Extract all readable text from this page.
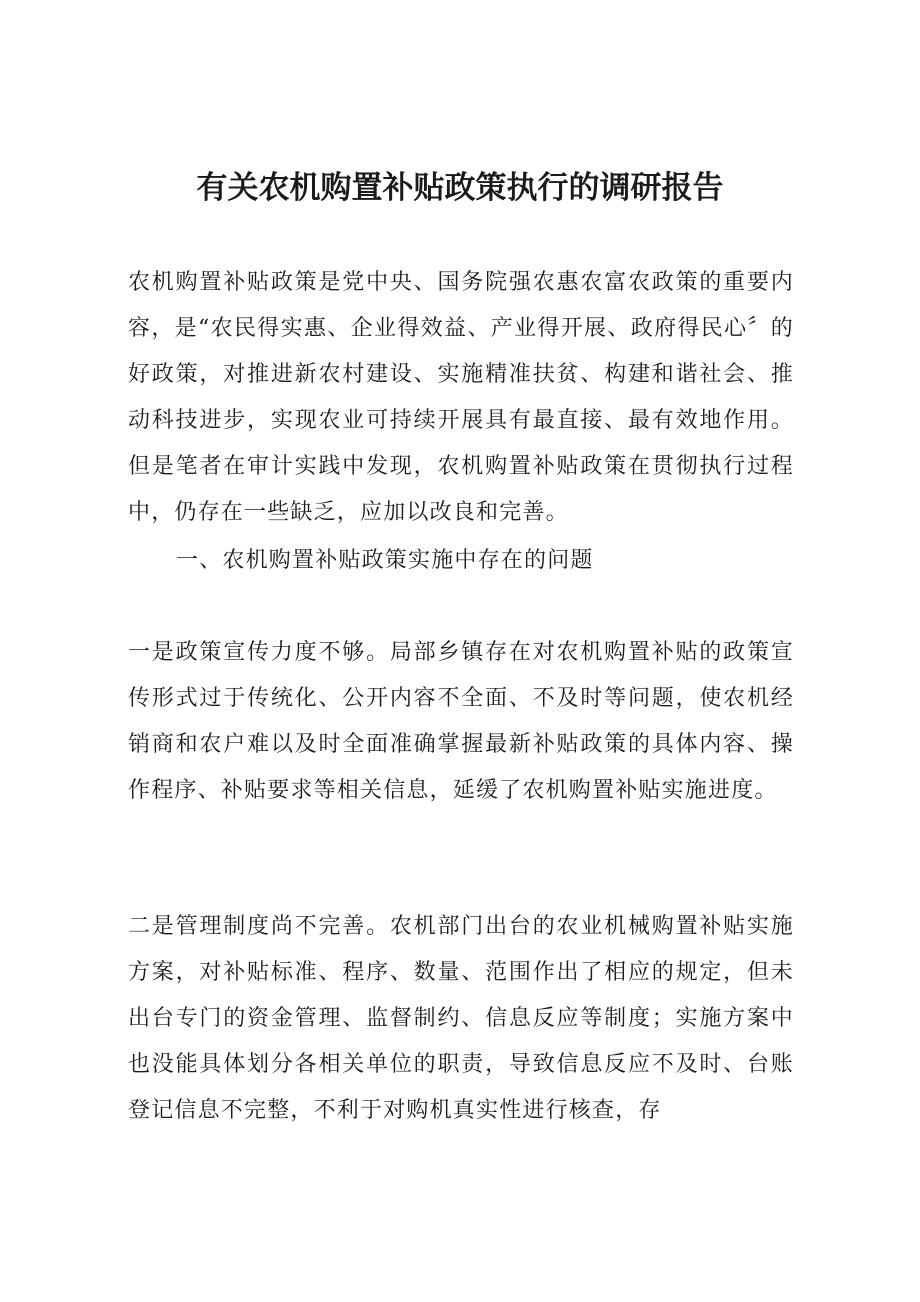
有关农机购置补贴政策执行的调研报告

农机购置补贴政策是党中央、国务院强农惠农富农政策的重要内容，是“农民得实惠、企业得效益、产业得开展、政府得民心〞的好政策，对推进新农村建设、实施精准扶贫、构建和谐社会、推动科技进步，实现农业可持续开展具有最直接、最有效地作用。但是笔者在审计实践中发现，农机购置补贴政策在贯彻执行过程中，仍存在一些缺乏，应加以改良和完善。

一、农机购置补贴政策实施中存在的问题

一是政策宣传力度不够。局部乡镇存在对农机购置补贴的政策宣传形式过于传统化、公开内容不全面、不及时等问题，使农机经销商和农户难以及时全面准确掌握最新补贴政策的具体内容、操作程序、补贴要求等相关信息，延缓了农机购置补贴实施进度。

二是管理制度尚不完善。农机部门出台的农业机械购置补贴实施方案，对补贴标准、程序、数量、范围作出了相应的规定，但未出台专门的资金管理、监督制约、信息反应等制度；实施方案中也没能具体划分各相关单位的职责，导致信息反应不及时、台账登记信息不完整，不利于对购机真实性进行核查，存
